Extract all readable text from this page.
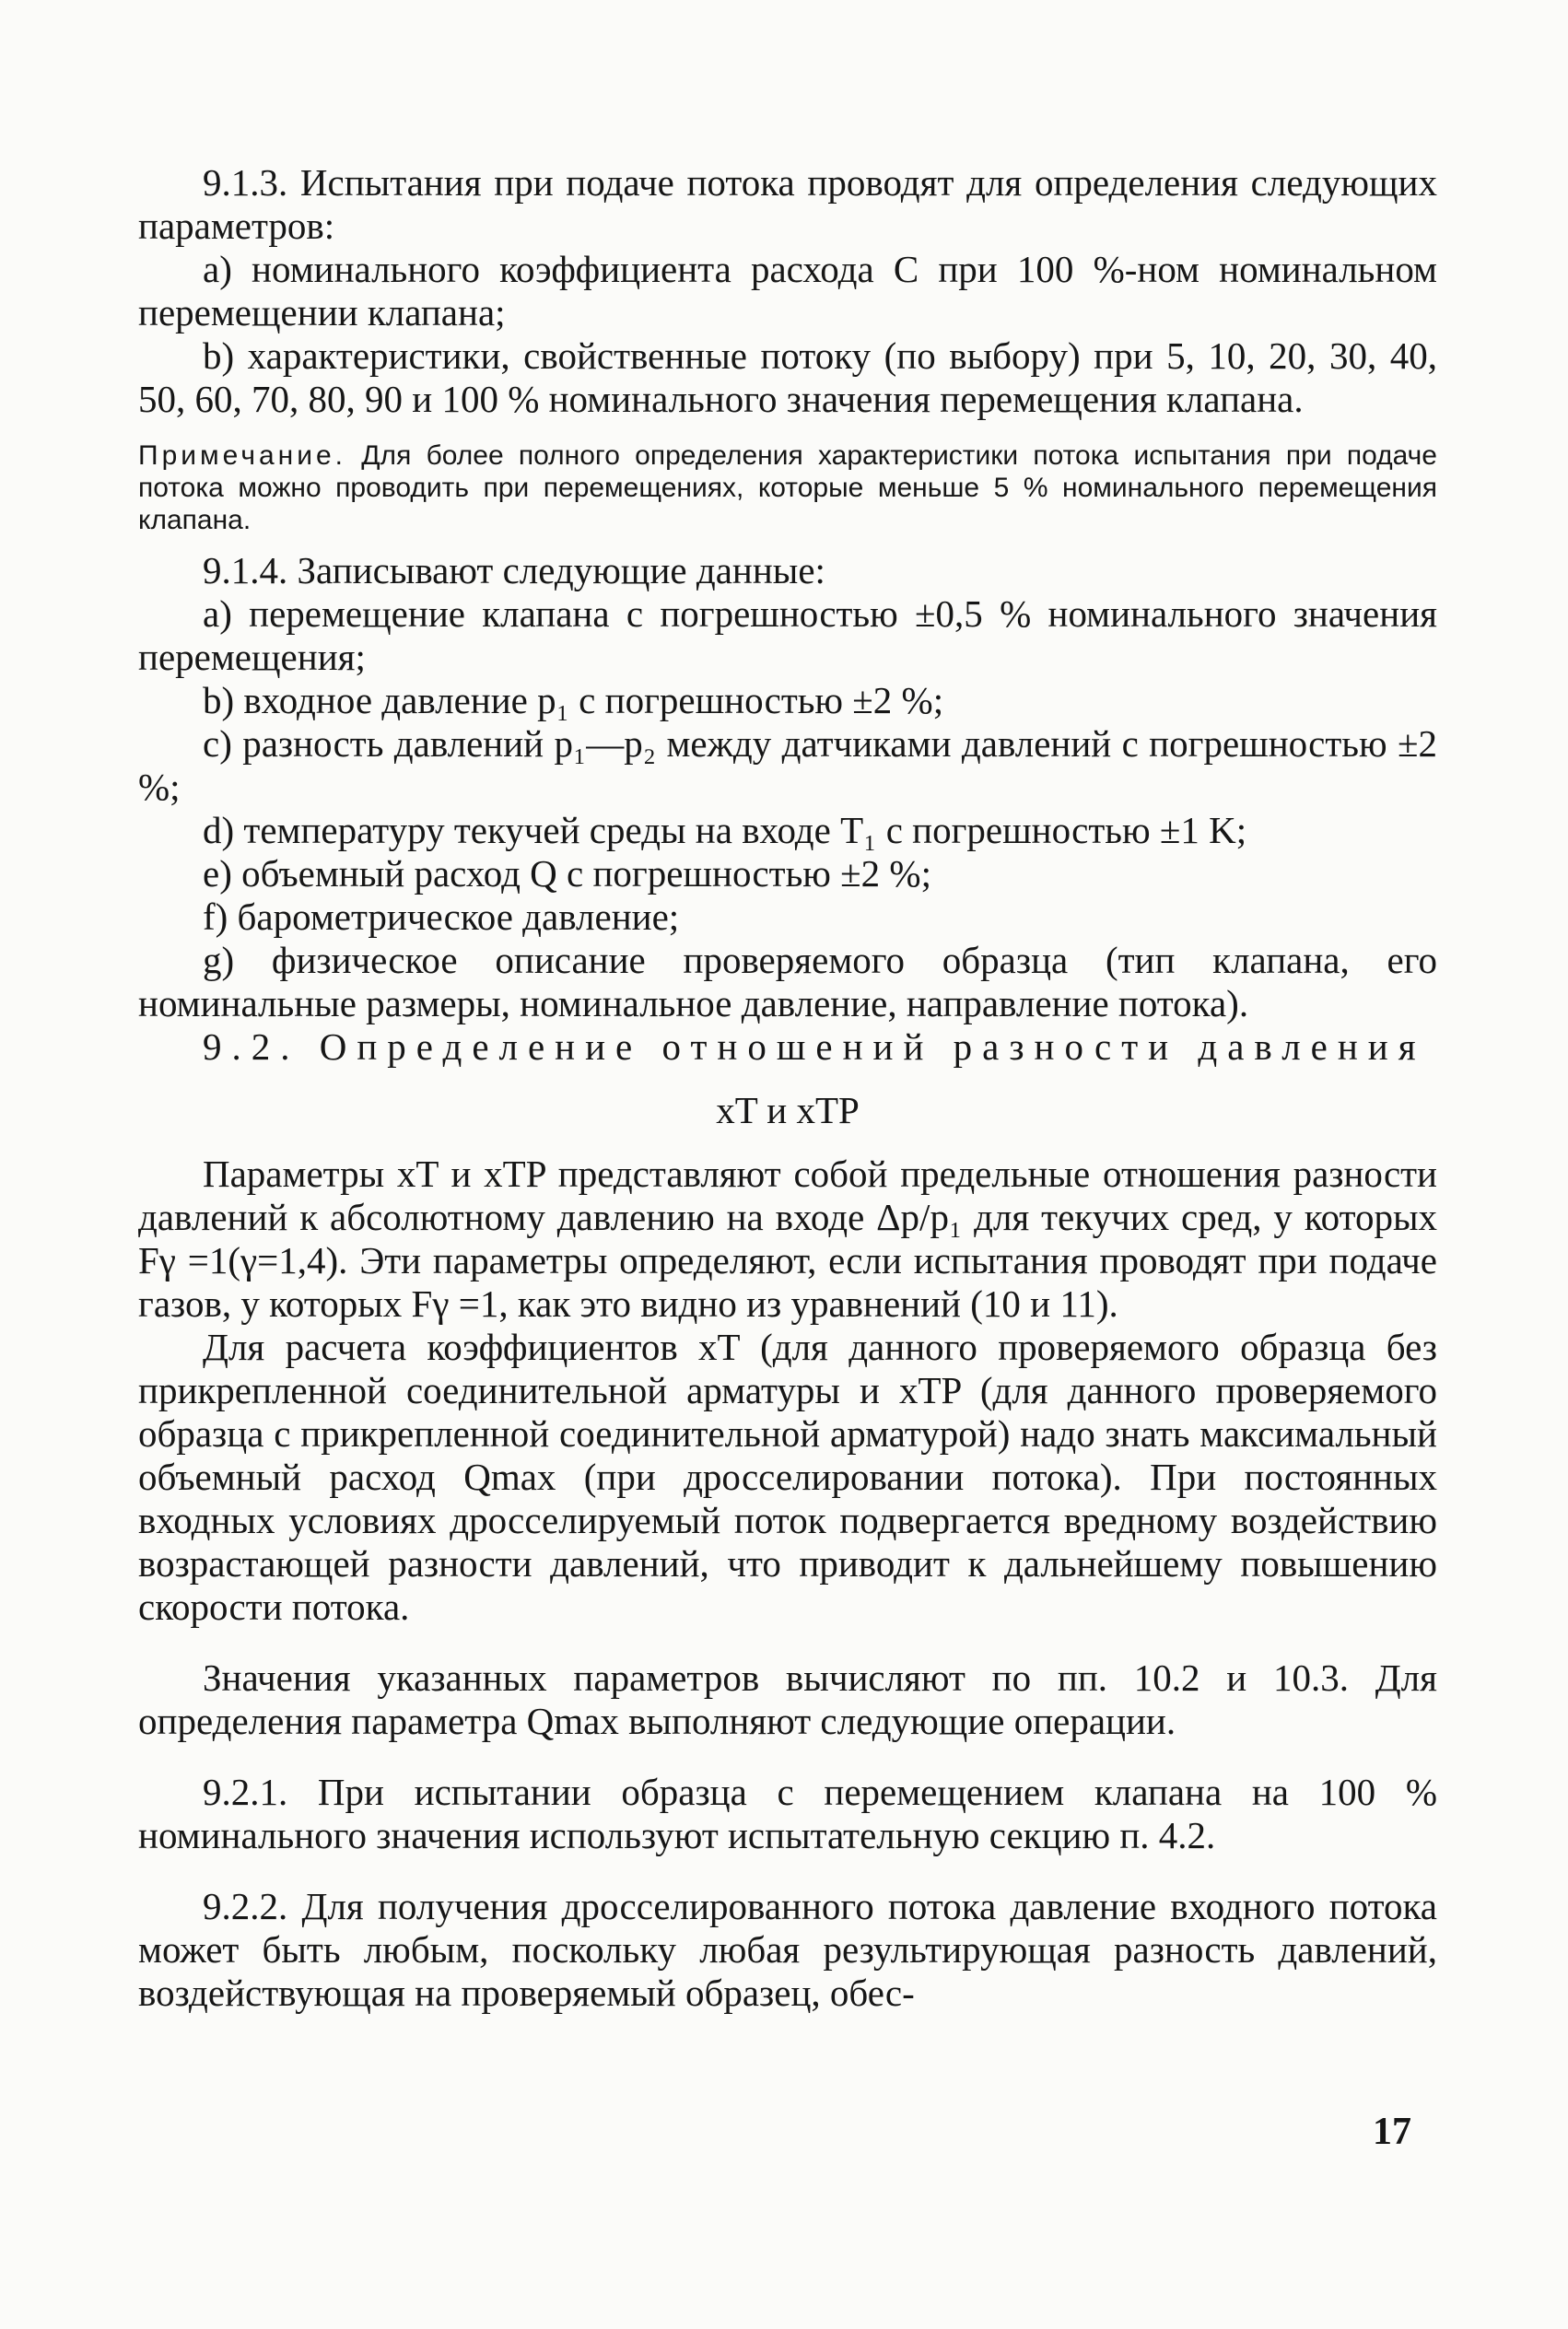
9.1.3. Испытания при подаче потока проводят для определения следующих параметров:

a) номинального коэффициента расхода C при 100 %-ном номинальном перемещении клапана;

b) характеристики, свойственные потоку (по выбору) при 5, 10, 20, 30, 40, 50, 60, 70, 80, 90 и 100 % номинального значения перемещения клапана.

Примечание. Для более полного определения характеристики потока испытания при подаче потока можно проводить при перемещениях, которые меньше 5 % номинального перемещения клапана.

9.1.4. Записывают следующие данные:

a) перемещение клапана с погрешностью ±0,5 % номинального значения перемещения;

b) входное давление p₁ с погрешностью ±2 %;

c) разность давлений p₁—p₂ между датчиками давлений с погрешностью ±2 %;

d) температуру текучей среды на входе T₁ с погрешностью ±1 K;

e) объемный расход Q с погрешностью ±2 %;

f) барометрическое давление;

g) физическое описание проверяемого образца (тип клапана, его номинальные размеры, номинальное давление, направление потока).

9.2. Определение отношений разности давления

xT и xTP

Параметры xT и xTP представляют собой предельные отношения разности давлений к абсолютному давлению на входе Δp/p₁ для текучих сред, у которых Fγ =1(γ=1,4). Эти параметры определяют, если испытания проводят при подаче газов, у которых Fγ =1, как это видно из уравнений (10 и 11).

Для расчета коэффициентов xT (для данного проверяемого образца без прикрепленной соединительной арматуры и xTP (для данного проверяемого образца с прикрепленной соединительной арматурой) надо знать максимальный объемный расход Qmax (при дросселировании потока). При постоянных входных условиях дросселируемый поток подвергается вредному воздействию возрастающей разности давлений, что приводит к дальнейшему повышению скорости потока.

Значения указанных параметров вычисляют по пп. 10.2 и 10.3. Для определения параметра Qmax выполняют следующие операции.

9.2.1. При испытании образца с перемещением клапана на 100 % номинального значения используют испытательную секцию п. 4.2.

9.2.2. Для получения дросселированного потока давление входного потока может быть любым, поскольку любая результирующая разность давлений, воздействующая на проверяемый образец, обес-

17
